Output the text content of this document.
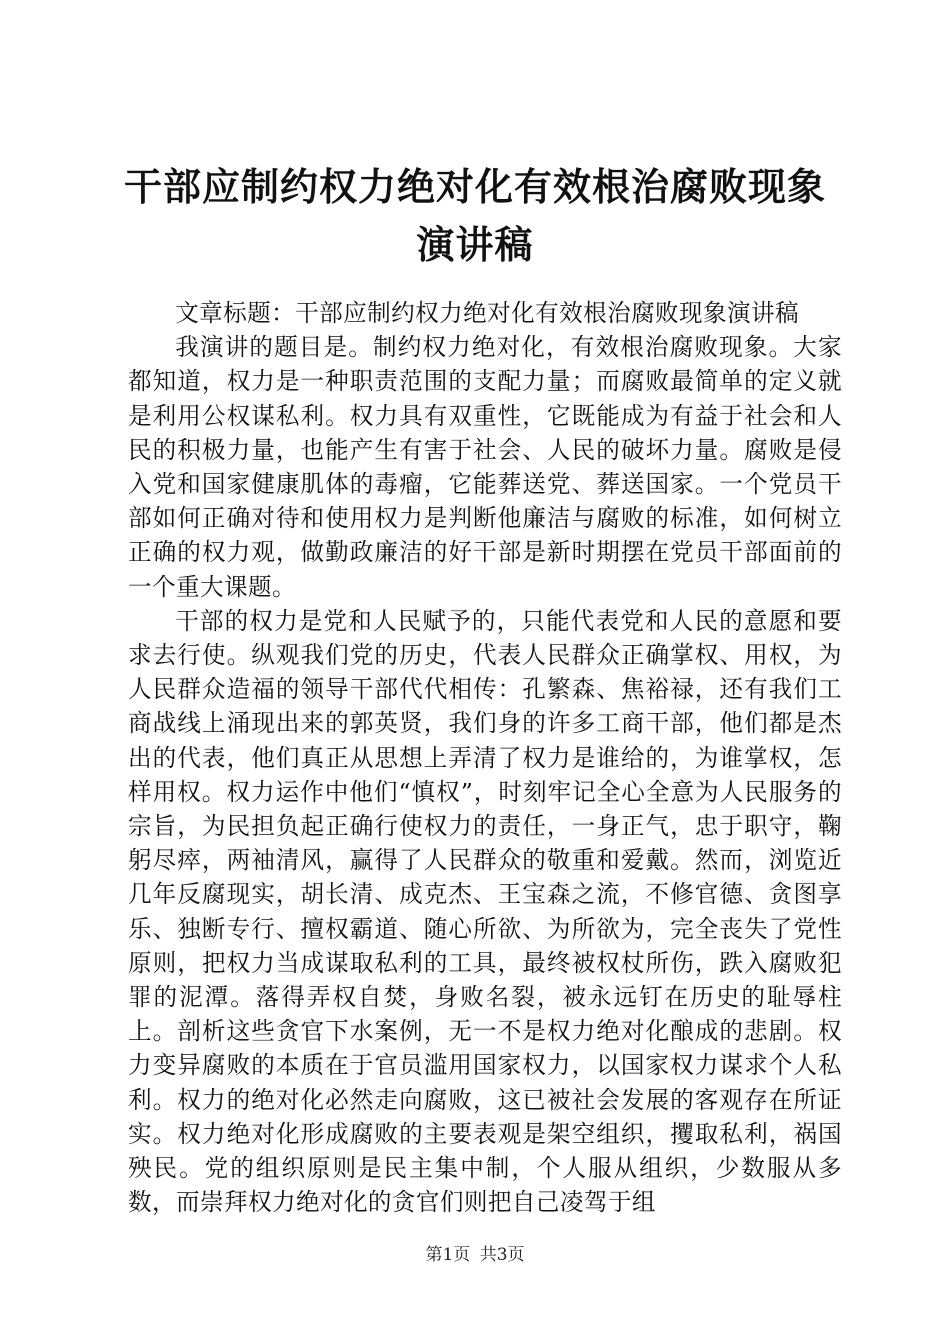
干部应制约权力绝对化有效根治腐败现象演讲稿

文章标题：干部应制约权力绝对化有效根治腐败现象演讲稿

我演讲的题目是。制约权力绝对化，有效根治腐败现象。大家都知道，权力是一种职责范围的支配力量；而腐败最简单的定义就是利用公权谋私利。权力具有双重性，它既能成为有益于社会和人民的积极力量，也能产生有害于社会、人民的破坏力量。腐败是侵入党和国家健康肌体的毒瘤，它能葬送党、葬送国家。一个党员干部如何正确对待和使用权力是判断他廉洁与腐败的标准，如何树立正确的权力观，做勤政廉洁的好干部是新时期摆在党员干部面前的一个重大课题。

干部的权力是党和人民赋予的，只能代表党和人民的意愿和要求去行使。纵观我们党的历史，代表人民群众正确掌权、用权，为人民群众造福的领导干部代代相传：孔繁森、焦裕禄，还有我们工商战线上涌现出来的郭英贤，我们身的许多工商干部，他们都是杰出的代表，他们真正从思想上弄清了权力是谁给的，为谁掌权，怎样用权。权力运作中他们“慎权”，时刻牢记全心全意为人民服务的宗旨，为民担负起正确行使权力的责任，一身正气，忠于职守，鞠躬尽瘁，两袖清风，赢得了人民群众的敬重和爱戴。然而，浏览近几年反腐现实，胡长清、成克杰、王宝森之流，不修官德、贪图享乐、独断专行、擅权霸道、随心所欲、为所欲为，完全丧失了党性原则，把权力当成谋取私利的工具，最终被权杖所伤，跌入腐败犯罪的泥潭。落得弄权自焚，身败名裂，被永远钉在历史的耻辱柱上。剖析这些贪官下水案例，无一不是权力绝对化酿成的悲剧。权力变异腐败的本质在于官员滥用国家权力，以国家权力谋求个人私利。权力的绝对化必然走向腐败，这已被社会发展的客观存在所证实。权力绝对化形成腐败的主要表观是架空组织，攫取私利，祸国殃民。党的组织原则是民主集中制，个人服从组织，少数服从多数，而崇拜权力绝对化的贪官们则把自己凌驾于组

第1页 共3页
